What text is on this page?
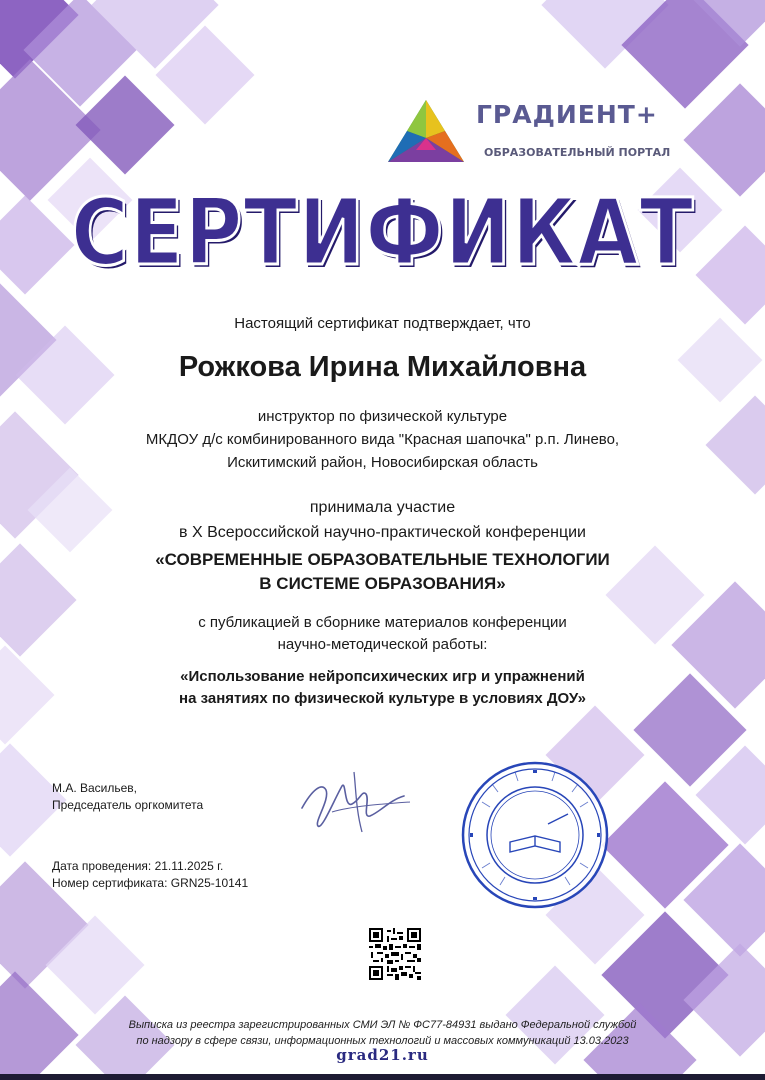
ГРАДИЕНТ+
ОБРАЗОВАТЕЛЬНЫЙ ПОРТАЛ
СЕРТИФИКАТ
Настоящий сертификат подтверждает, что
Рожкова Ирина Михайловна
инструктор по физической культуре
МКДОУ д/с комбинированного вида "Красная шапочка" р.п. Линево,
Искитимский район, Новосибирская область
принимала участие
в X Всероссийской научно-практической конференции
«СОВРЕМЕННЫЕ ОБРАЗОВАТЕЛЬНЫЕ ТЕХНОЛОГИИ
В СИСТЕМЕ ОБРАЗОВАНИЯ»
с публикацией в сборнике материалов конференции
научно-методической работы:
«Использование нейропсихических игр и упражнений
на занятиях по физической культуре в условиях ДОУ»
М.А. Васильев,
Председатель оргкомитета
Дата проведения: 21.11.2025 г.
Номер сертификата: GRN25-10141
Выписка из реестра зарегистрированных СМИ ЭЛ № ФС77-84931 выдано Федеральной службой
по надзору в сфере связи, информационных технологий и массовых коммуникаций 13.03.2023
grad21.ru
